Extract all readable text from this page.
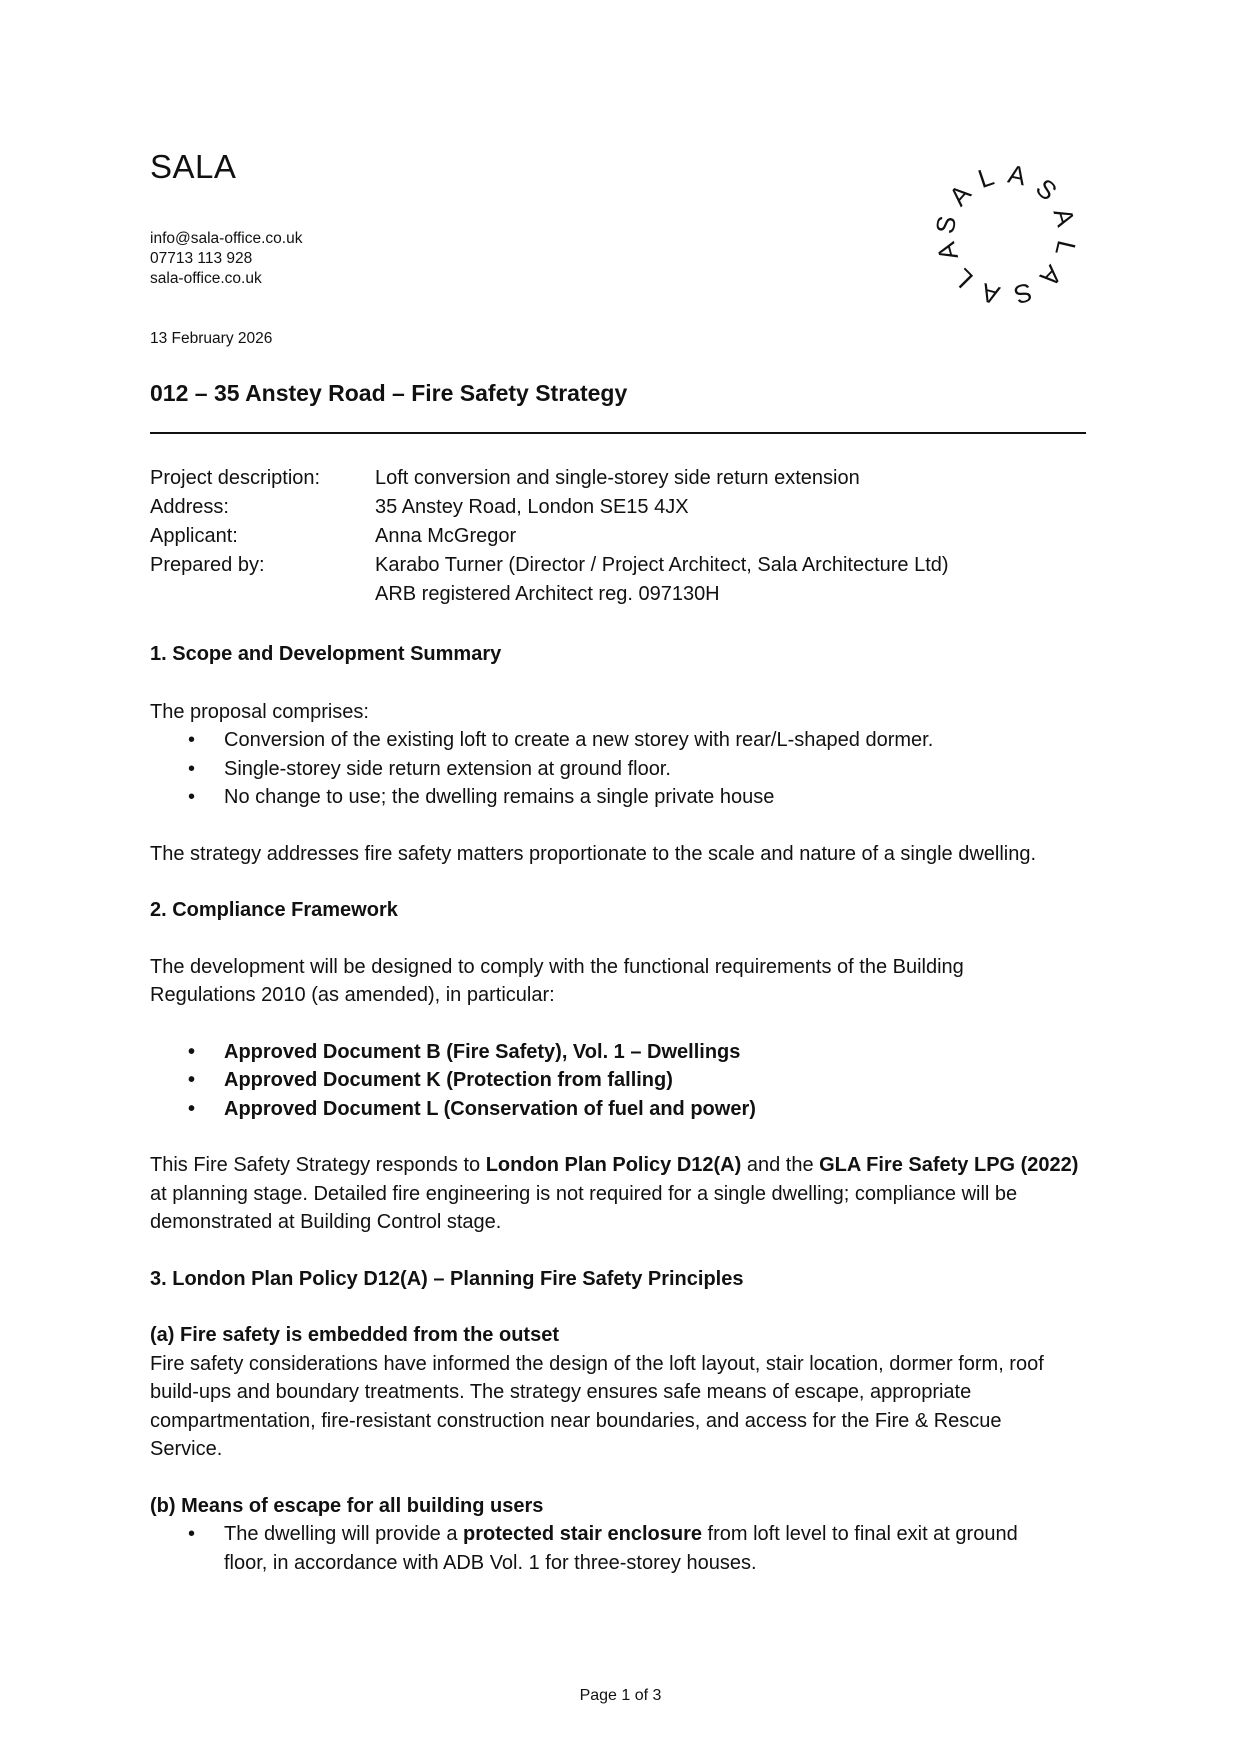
SALA
info@sala-office.co.uk
07713 113 928
sala-office.co.uk
SALASALASALA
13 February 2026
012 – 35 Anstey Road – Fire Safety Strategy
Project description:	Loft conversion and single-storey side return extension
Address:	35 Anstey Road, London SE15 4JX
Applicant:	Anna McGregor
Prepared by:	Karabo Turner (Director / Project Architect, Sala Architecture Ltd)
ARB registered Architect reg. 097130H

1. Scope and Development Summary

The proposal comprises:

• Conversion of the existing loft to create a new storey with rear/L-shaped dormer.
• Single-storey side return extension at ground floor.
• No change to use; the dwelling remains a single private house

The strategy addresses fire safety matters proportionate to the scale and nature of a single dwelling.

2. Compliance Framework

The development will be designed to comply with the functional requirements of the Building
Regulations 2010 (as amended), in particular:

• Approved Document B (Fire Safety), Vol. 1 – Dwellings
• Approved Document K (Protection from falling)
• Approved Document L (Conservation of fuel and power)

This Fire Safety Strategy responds to London Plan Policy D12(A) and the GLA Fire Safety LPG (2022)
at planning stage. Detailed fire engineering is not required for a single dwelling; compliance will be
demonstrated at Building Control stage.

3. London Plan Policy D12(A) – Planning Fire Safety Principles

(a) Fire safety is embedded from the outset

Fire safety considerations have informed the design of the loft layout, stair location, dormer form, roof
build-ups and boundary treatments. The strategy ensures safe means of escape, appropriate
compartmentation, fire-resistant construction near boundaries, and access for the Fire & Rescue
Service.

(b) Means of escape for all building users

• The dwelling will provide a protected stair enclosure from loft level to final exit at ground
floor, in accordance with ADB Vol. 1 for three-storey houses.
Page 1 of 3
